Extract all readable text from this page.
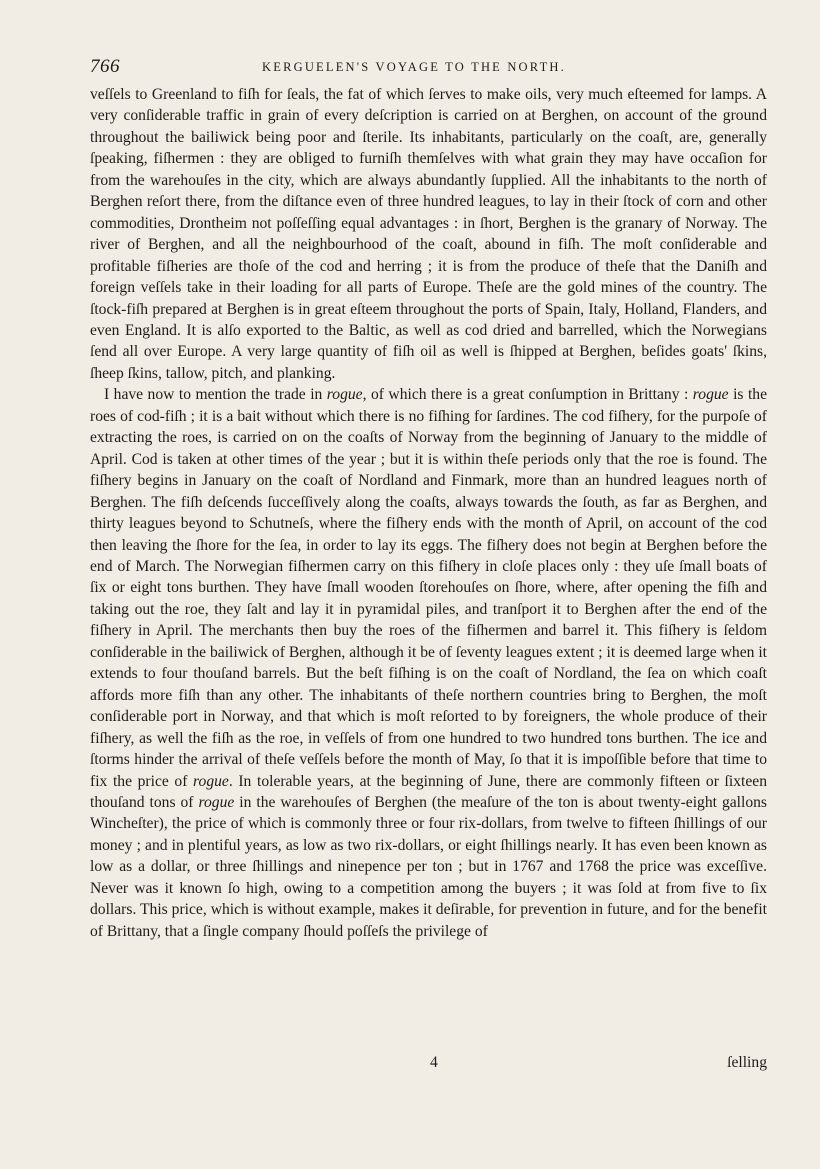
766	KERGUELEN'S VOYAGE TO THE NORTH.

veſſels to Greenland to fiſh for ſeals, the fat of which ſerves to make oils, very much eſteemed for lamps. A very conſiderable traffic in grain of every deſcription is carried on at Berghen, on account of the ground throughout the bailiwick being poor and ſterile. Its inhabitants, particularly on the coaſt, are, generally ſpeaking, fiſhermen : they are obliged to furniſh themſelves with what grain they may have occaſion for from the warehouſes in the city, which are always abundantly ſupplied. All the inhabitants to the north of Berghen reſort there, from the diſtance even of three hundred leagues, to lay in their ſtock of corn and other commodities, Drontheim not poſſeſſing equal advantages : in ſhort, Berghen is the granary of Norway. The river of Berghen, and all the neighbourhood of the coaſt, abound in fiſh. The moſt conſiderable and profitable fiſheries are thoſe of the cod and herring ; it is from the produce of theſe that the Daniſh and foreign veſſels take in their loading for all parts of Europe. Theſe are the gold mines of the country. The ſtock-fiſh prepared at Berghen is in great eſteem throughout the ports of Spain, Italy, Holland, Flanders, and even England. It is alſo exported to the Baltic, as well as cod dried and barrelled, which the Norwegians ſend all over Europe. A very large quantity of fiſh oil as well is ſhipped at Berghen, beſides goats' ſkins, ſheep ſkins, tallow, pitch, and planking.

I have now to mention the trade in rogue, of which there is a great conſumption in Brittany : rogue is the roes of cod-fiſh ; it is a bait without which there is no fiſhing for ſardines. The cod fiſhery, for the purpoſe of extracting the roes, is carried on on the coaſts of Norway from the beginning of January to the middle of April. Cod is taken at other times of the year ; but it is within theſe periods only that the roe is found. The fiſhery begins in January on the coaſt of Nordland and Finmark, more than an hundred leagues north of Berghen. The fiſh deſcends ſucceſſively along the coaſts, always towards the ſouth, as far as Berghen, and thirty leagues beyond to Schutneſs, where the fiſhery ends with the month of April, on account of the cod then leaving the ſhore for the ſea, in order to lay its eggs. The fiſhery does not begin at Berghen before the end of March. The Norwegian fiſhermen carry on this fiſhery in cloſe places only : they uſe ſmall boats of ſix or eight tons burthen. They have ſmall wooden ſtorehouſes on ſhore, where, after opening the fiſh and taking out the roe, they ſalt and lay it in pyramidal piles, and tranſport it to Berghen after the end of the fiſhery in April. The merchants then buy the roes of the fiſhermen and barrel it. This fiſhery is ſeldom conſiderable in the bailiwick of Berghen, although it be of ſeventy leagues extent ; it is deemed large when it extends to four thouſand barrels. But the beſt fiſhing is on the coaſt of Nordland, the ſea on which coaſt affords more fiſh than any other. The inhabitants of theſe northern countries bring to Berghen, the moſt conſiderable port in Norway, and that which is moſt reſorted to by foreigners, the whole produce of their fiſhery, as well the fiſh as the roe, in veſſels of from one hundred to two hundred tons burthen. The ice and ſtorms hinder the arrival of theſe veſſels before the month of May, ſo that it is impoſſible before that time to fix the price of rogue. In tolerable years, at the beginning of June, there are commonly fifteen or ſixteen thouſand tons of rogue in the warehouſes of Berghen (the meaſure of the ton is about twenty-eight gallons Wincheſter), the price of which is commonly three or four rix-dollars, from twelve to fifteen ſhillings of our money ; and in plentiful years, as low as two rix-dollars, or eight ſhillings nearly. It has even been known as low as a dollar, or three ſhillings and ninepence per ton ; but in 1767 and 1768 the price was exceſſive. Never was it known ſo high, owing to a competition among the buyers ; it was ſold at from five to ſix dollars. This price, which is without example, makes it deſirable, for prevention in future, and for the benefit of Brittany, that a ſingle company ſhould poſſeſs the privilege of

4	ſelling
